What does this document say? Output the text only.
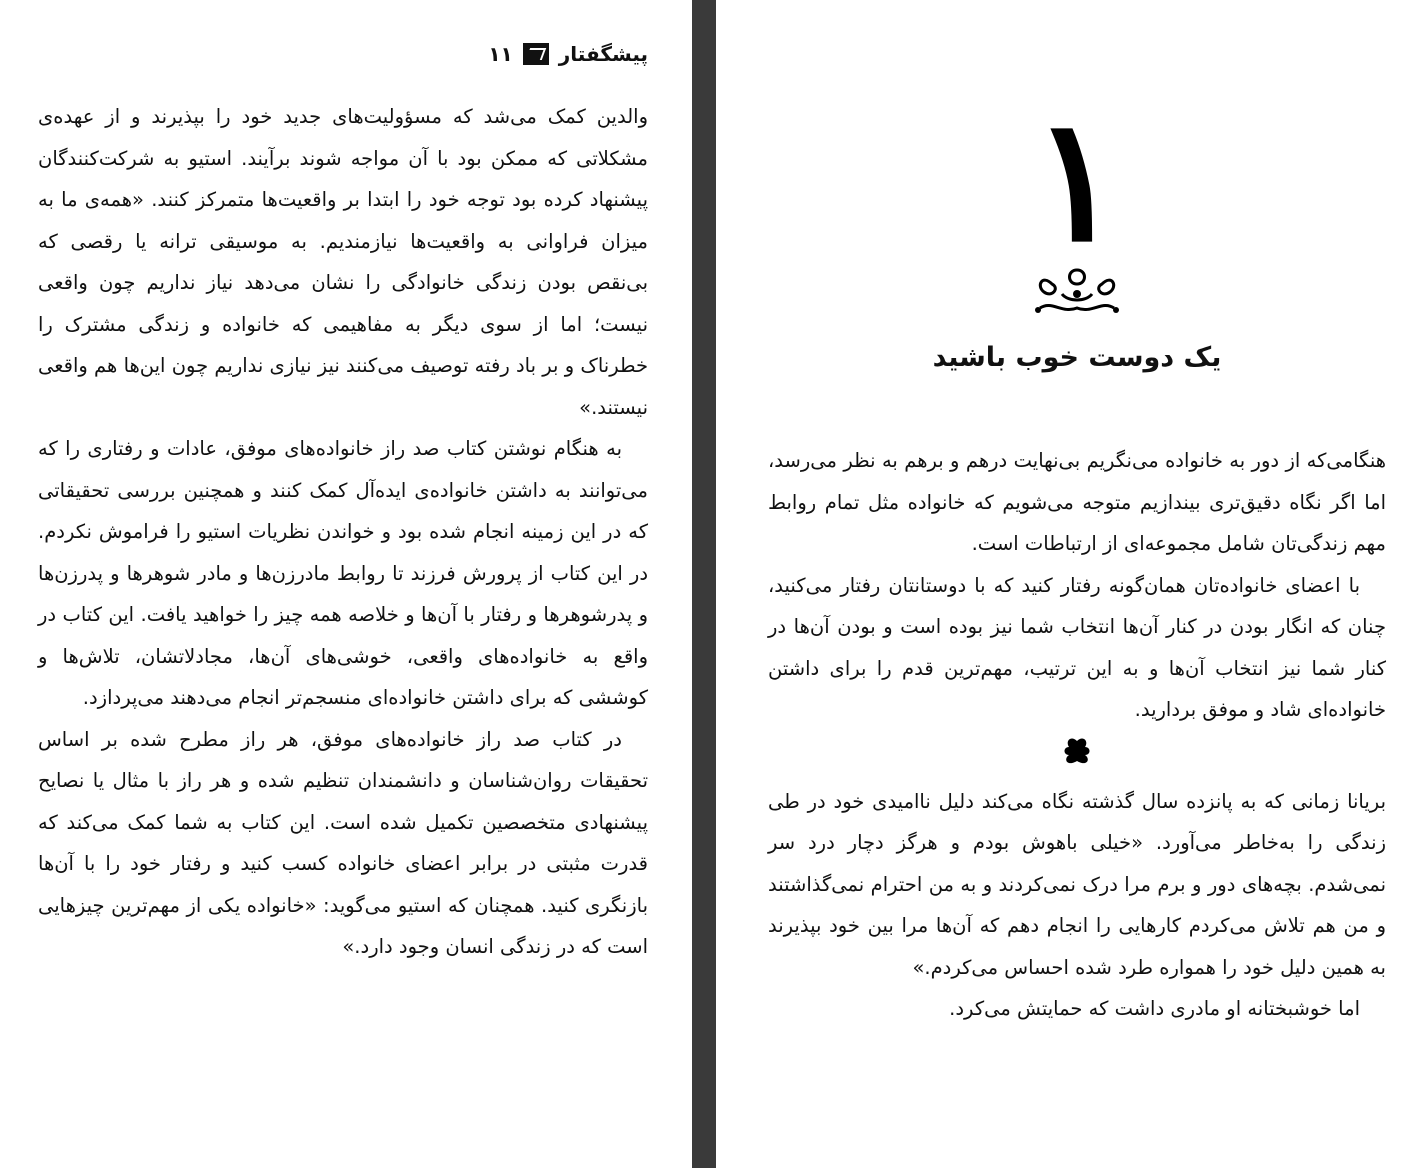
پیشگفتار
۱۱

والدین کمک می‌شد که مسؤولیت‌های جدید خود را بپذیرند و از عهده‌ی مشکلاتی که ممکن بود با آن مواجه شوند برآیند. استیو به شرکت‌کنندگان پیشنهاد کرده بود توجه خود را ابتدا بر واقعیت‌ها متمرکز کنند. «همه‌ی ما به میزان فراوانی به واقعیت‌ها نیازمندیم. به موسیقی ترانه یا رقصی که بی‌نقص بودن زندگی خانوادگی را نشان می‌دهد نیاز نداریم چون واقعی نیست؛ اما از سوی دیگر به مفاهیمی که خانواده و زندگی مشترک را خطرناک و بر باد رفته توصیف می‌کنند نیز نیازی نداریم چون این‌ها هم واقعی نیستند.»

به هنگام نوشتن کتاب صد راز خانواده‌های موفق، عادات و رفتاری را که می‌توانند به داشتن خانواده‌ی ایده‌آل کمک کنند و همچنین بررسی تحقیقاتی که در این زمینه انجام شده بود و خواندن نظریات استیو را فراموش نکردم. در این کتاب از پرورش فرزند تا روابط مادرزن‌ها و مادر شوهرها و پدرزن‌ها و پدرشوهرها و رفتار با آن‌ها و خلاصه همه چیز را خواهید یافت. این کتاب در واقع به خانواده‌های واقعی، خوشی‌های آن‌ها، مجادلاتشان، تلاش‌ها و کوششی که برای داشتن خانواده‌ای منسجم‌تر انجام می‌دهند می‌پردازد.

در کتاب صد راز خانواده‌های موفق، هر راز مطرح شده بر اساس تحقیقات روان‌شناسان و دانشمندان تنظیم شده و هر راز با مثال یا نصایح پیشنهادی متخصصین تکمیل شده است. این کتاب به شما کمک می‌کند که قدرت مثبتی در برابر اعضای خانواده کسب کنید و رفتار خود را با آن‌ها بازنگری کنید. همچنان که استیو می‌گوید: «خانواده یکی از مهم‌ترین چیزهایی است که در زندگی انسان وجود دارد.»

۱
یک دوست خوب باشید

هنگامی‌که از دور به خانواده می‌نگریم بی‌نهایت درهم و برهم به نظر می‌رسد، اما اگر نگاه دقیق‌تری بیندازیم متوجه می‌شویم که خانواده مثل تمام روابط مهم زندگی‌تان شامل مجموعه‌ای از ارتباطات است.

با اعضای خانواده‌تان همان‌گونه رفتار کنید که با دوستانتان رفتار می‌کنید، چنان که انگار بودن در کنار آن‌ها انتخاب شما نیز بوده است و بودن آن‌ها در کنار شما نیز انتخاب آن‌ها و به این ترتیب، مهم‌ترین قدم را برای داشتن خانواده‌ای شاد و موفق بردارید.

بریانا زمانی که به پانزده سال گذشته نگاه می‌کند دلیل ناامیدی خود در طی زندگی را به‌خاطر می‌آورد. «خیلی باهوش بودم و هرگز دچار درد سر نمی‌شدم. بچه‌های دور و برم مرا درک نمی‌کردند و به من احترام نمی‌گذاشتند و من هم تلاش می‌کردم کارهایی را انجام دهم که آن‌ها مرا بین خود بپذیرند به همین دلیل خود را همواره طرد شده احساس می‌کردم.»

اما خوشبختانه او مادری داشت که حمایتش می‌کرد.
